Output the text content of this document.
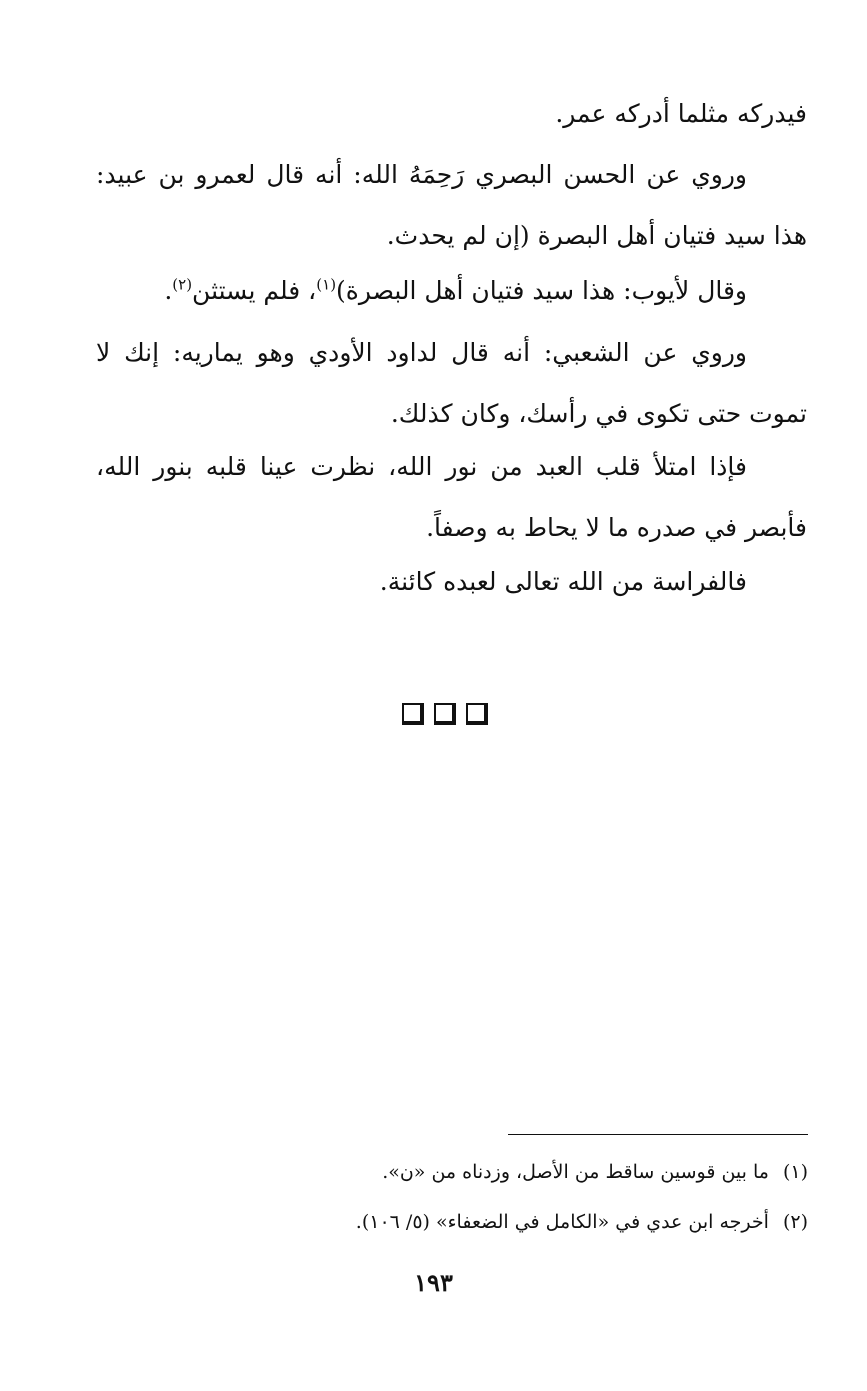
فيدركه مثلما أدركه عمر.

وروي عن الحسن البصري رَحِمَهُ الله: أنه قال لعمرو بن عبيد: هذا سيد فتيان أهل البصرة (إن لم يحدث.

وقال لأيوب: هذا سيد فتيان أهل البصرة)$^{(١)}$، فلم يستثن$^{(٢)}$.

وروي عن الشعبي: أنه قال لداود الأودي وهو يماريه: إنك لا تموت حتى تكوى في رأسك، وكان كذلك.

فإذا امتلأ قلب العبد من نور الله، نظرت عينا قلبه بنور الله، فأبصر في صدره ما لا يحاط به وصفاً.

فالفراسة من الله تعالى لعبده كائنة.

(١)ما بين قوسين ساقط من الأصل، وزدناه من «ن».

(٢)أخرجه ابن عدي في «الكامل في الضعفاء» (٥/ ١٠٦).

١٩٣
